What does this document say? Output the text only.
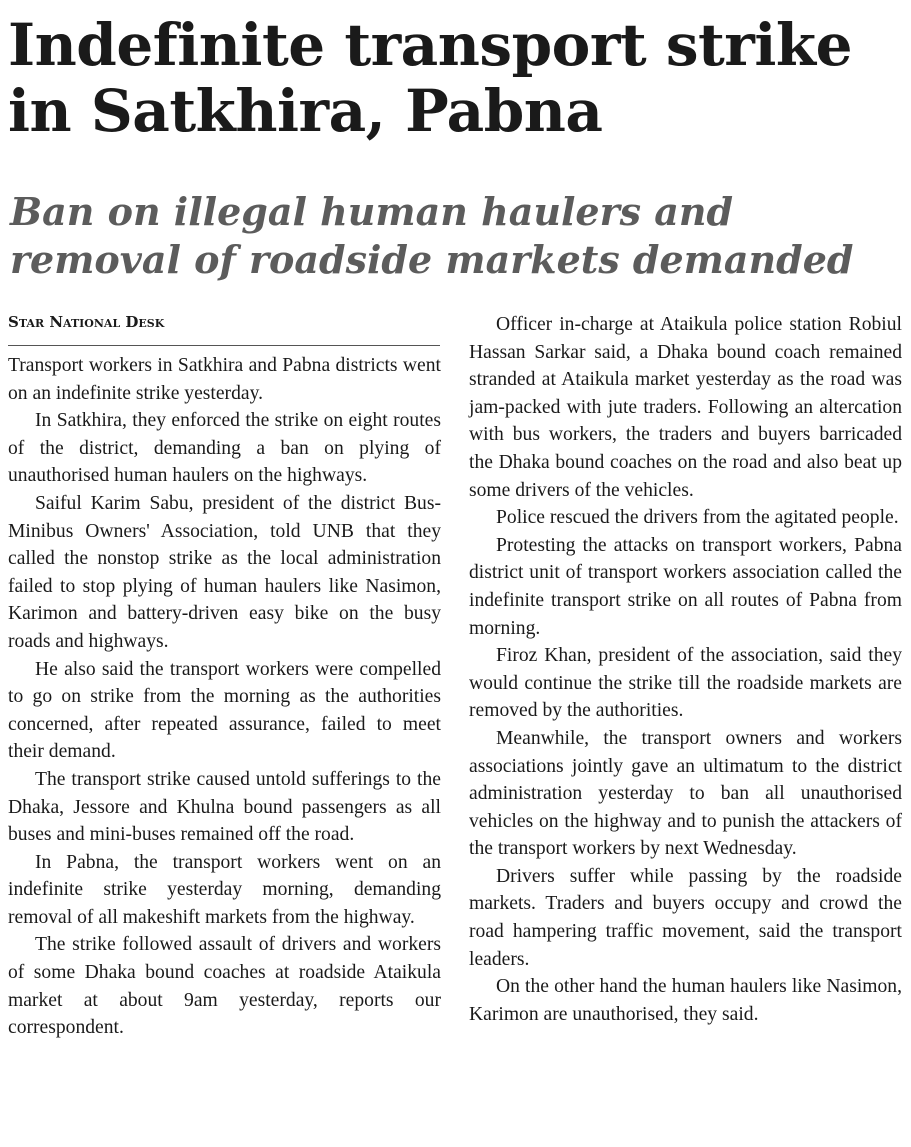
Indefinite transport strike in Satkhira, Pabna
Ban on illegal human haulers and removal of roadside markets demanded
Star National Desk

Transport workers in Satkhira and Pabna districts went on an indefinite strike yesterday.

In Satkhira, they enforced the strike on eight routes of the district, demanding a ban on plying of unauthorised human haulers on the highways.

Saiful Karim Sabu, president of the district Bus-Minibus Owners' Association, told UNB that they called the nonstop strike as the local administration failed to stop plying of human haulers like Nasimon, Karimon and battery-driven easy bike on the busy roads and highways.

He also said the transport workers were compelled to go on strike from the morning as the authorities concerned, after repeated assurance, failed to meet their demand.

The transport strike caused untold sufferings to the Dhaka, Jessore and Khulna bound passengers as all buses and mini-buses remained off the road.

In Pabna, the transport workers went on an indefinite strike yesterday morning, demanding removal of all makeshift markets from the highway.

The strike followed assault of drivers and workers of some Dhaka bound coaches at roadside Ataikula market at about 9am yesterday, reports our correspondent.

Officer in-charge at Ataikula police station Robiul Hassan Sarkar said, a Dhaka bound coach remained stranded at Ataikula market yesterday as the road was jam-packed with jute traders. Following an altercation with bus workers, the traders and buyers barricaded the Dhaka bound coaches on the road and also beat up some drivers of the vehicles.

Police rescued the drivers from the agitated people.

Protesting the attacks on transport workers, Pabna district unit of transport workers association called the indefinite transport strike on all routes of Pabna from morning.

Firoz Khan, president of the association, said they would continue the strike till the roadside markets are removed by the authorities.

Meanwhile, the transport owners and workers associations jointly gave an ultimatum to the district administration yesterday to ban all unauthorised vehicles on the highway and to punish the attackers of the transport workers by next Wednesday.

Drivers suffer while passing by the roadside markets. Traders and buyers occupy and crowd the road hampering traffic movement, said the transport leaders.

On the other hand the human haulers like Nasimon, Karimon are unauthorised, they said.
